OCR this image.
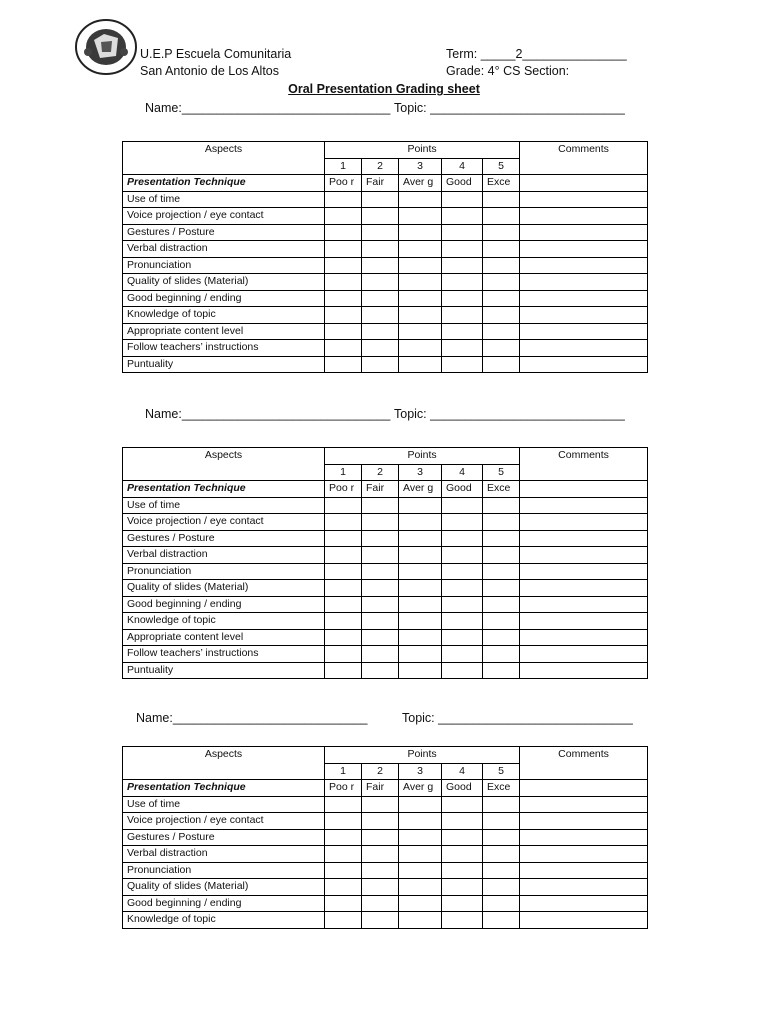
U.E.P Escuela Comunitaria
San Antonio de Los Altos
Term: _____2_______________
Grade: 4° CS Section:
Oral Presentation Grading sheet
Name:______________________________ Topic: ____________________________
Aspects	Points					Comments
	1	2	3	4	5	
Presentation Technique	Poo r	Fair	Aver g	Good	Exce	
Use of time						
Voice projection / eye contact						
Gestures / Posture						
Verbal distraction						
Pronunciation						
Quality of slides (Material)						
Good beginning / ending						
Knowledge of topic						
Appropriate content level						
Follow teachers’ instructions						
Puntuality						
Name:______________________________ Topic: ____________________________
Aspects	Points					Comments
	1	2	3	4	5	
Presentation Technique	Poo r	Fair	Aver g	Good	Exce	
Use of time						
Voice projection / eye contact						
Gestures / Posture						
Verbal distraction						
Pronunciation						
Quality of slides (Material)						
Good beginning / ending						
Knowledge of topic						
Appropriate content level						
Follow teachers’ instructions						
Puntuality						
Name:____________________________	Topic: ____________________________
Aspects	Points					Comments
	1	2	3	4	5	
Presentation Technique	Poo r	Fair	Aver g	Good	Exce	
Use of time						
Voice projection / eye contact						
Gestures / Posture						
Verbal distraction						
Pronunciation						
Quality of slides (Material)						
Good beginning / ending						
Knowledge of topic						
